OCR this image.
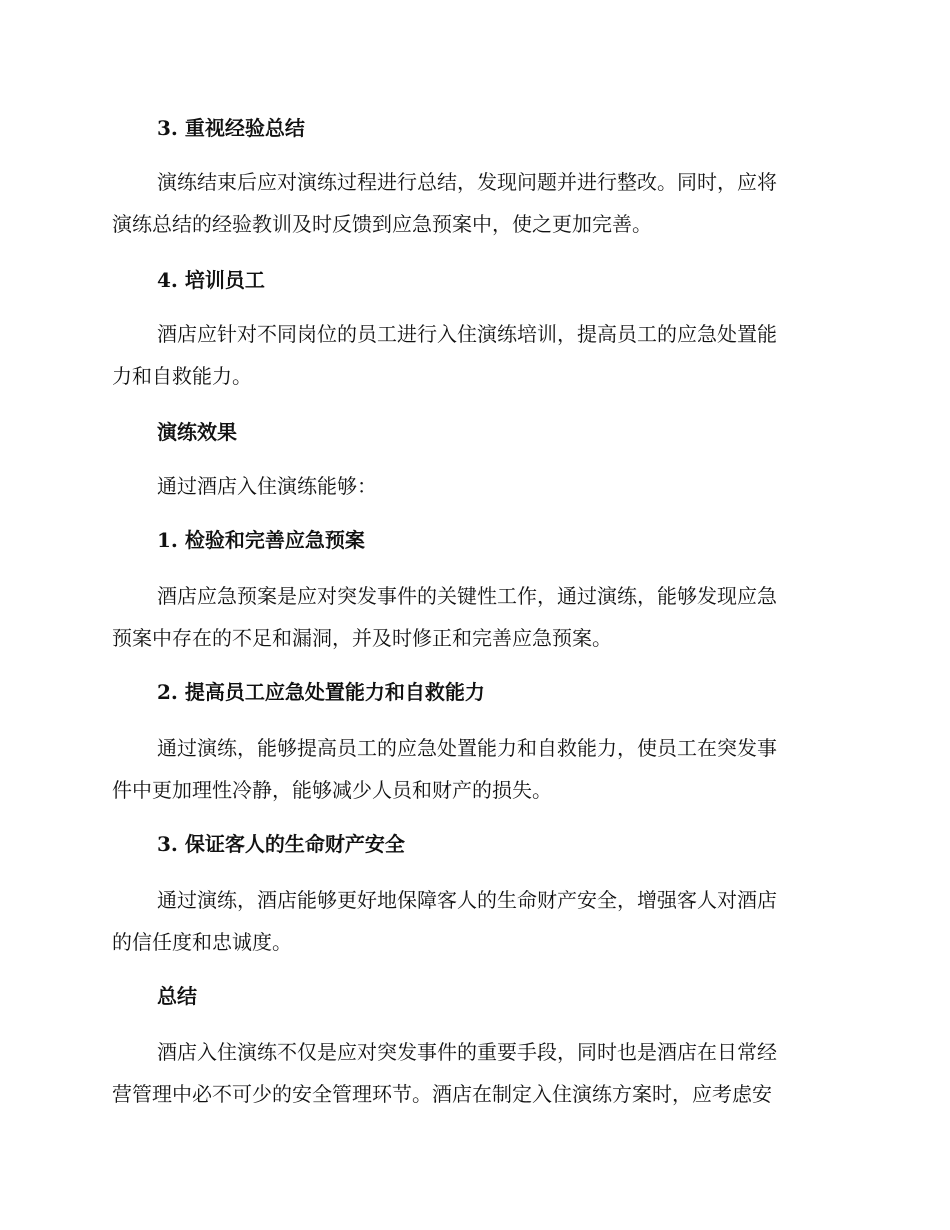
3. 重视经验总结
演练结束后应对演练过程进行总结，发现问题并进行整改。同时，应将
演练总结的经验教训及时反馈到应急预案中，使之更加完善。
4. 培训员工
酒店应针对不同岗位的员工进行入住演练培训，提高员工的应急处置能
力和自救能力。
演练效果
通过酒店入住演练能够：
1. 检验和完善应急预案
酒店应急预案是应对突发事件的关键性工作，通过演练，能够发现应急
预案中存在的不足和漏洞，并及时修正和完善应急预案。
2. 提高员工应急处置能力和自救能力
通过演练，能够提高员工的应急处置能力和自救能力，使员工在突发事
件中更加理性冷静，能够减少人员和财产的损失。
3. 保证客人的生命财产安全
通过演练，酒店能够更好地保障客人的生命财产安全，增强客人对酒店
的信任度和忠诚度。
总结
酒店入住演练不仅是应对突发事件的重要手段，同时也是酒店在日常经
营管理中必不可少的安全管理环节。酒店在制定入住演练方案时，应考虑安
